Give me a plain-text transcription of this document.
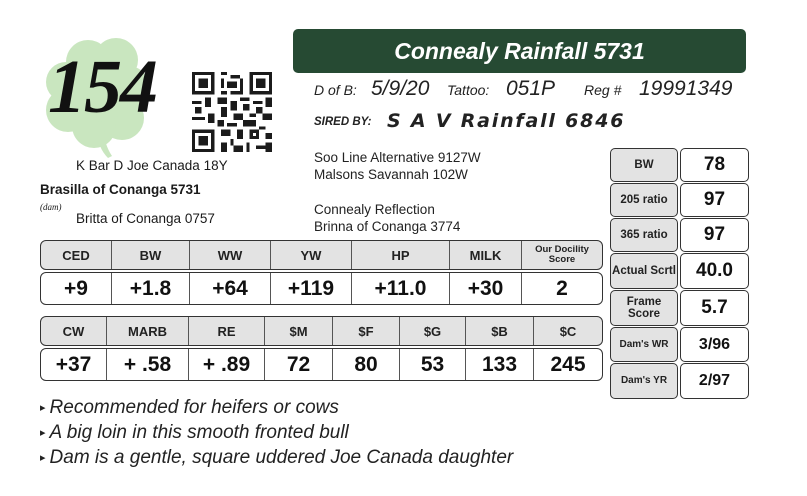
154	Connealy Rainfall 5731
D of B: 5/9/20 Tattoo: 051P Reg # 19991349
SIRED BY: S A V Rainfall 6846
Soo Line Alternative 9127W
Malsons Savannah 102W
Connealy Reflection
Brinna of Conanga 3774
K Bar D Joe Canada 18Y
Brasilla of Conanga 5731
(dam)
Britta of Conanga 0757
CED	BW	WW	YW	HP	MILK	Our Docility Score
+9	+1.8	+64	+119	+11.0	+30	2
CW	MARB	RE	$M	$F	$G	$B	$C
+37	+ .58	+ .89	72	80	53	133	245
BW	78
205 ratio	97
365 ratio	97
Actual Scrtl	40.0
Frame Score	5.7
Dam's WR	3/96
Dam's YR	2/97
▸ Recommended for heifers or cows
▸ A big loin in this smooth fronted bull
▸ Dam is a gentle, square uddered Joe Canada daughter
